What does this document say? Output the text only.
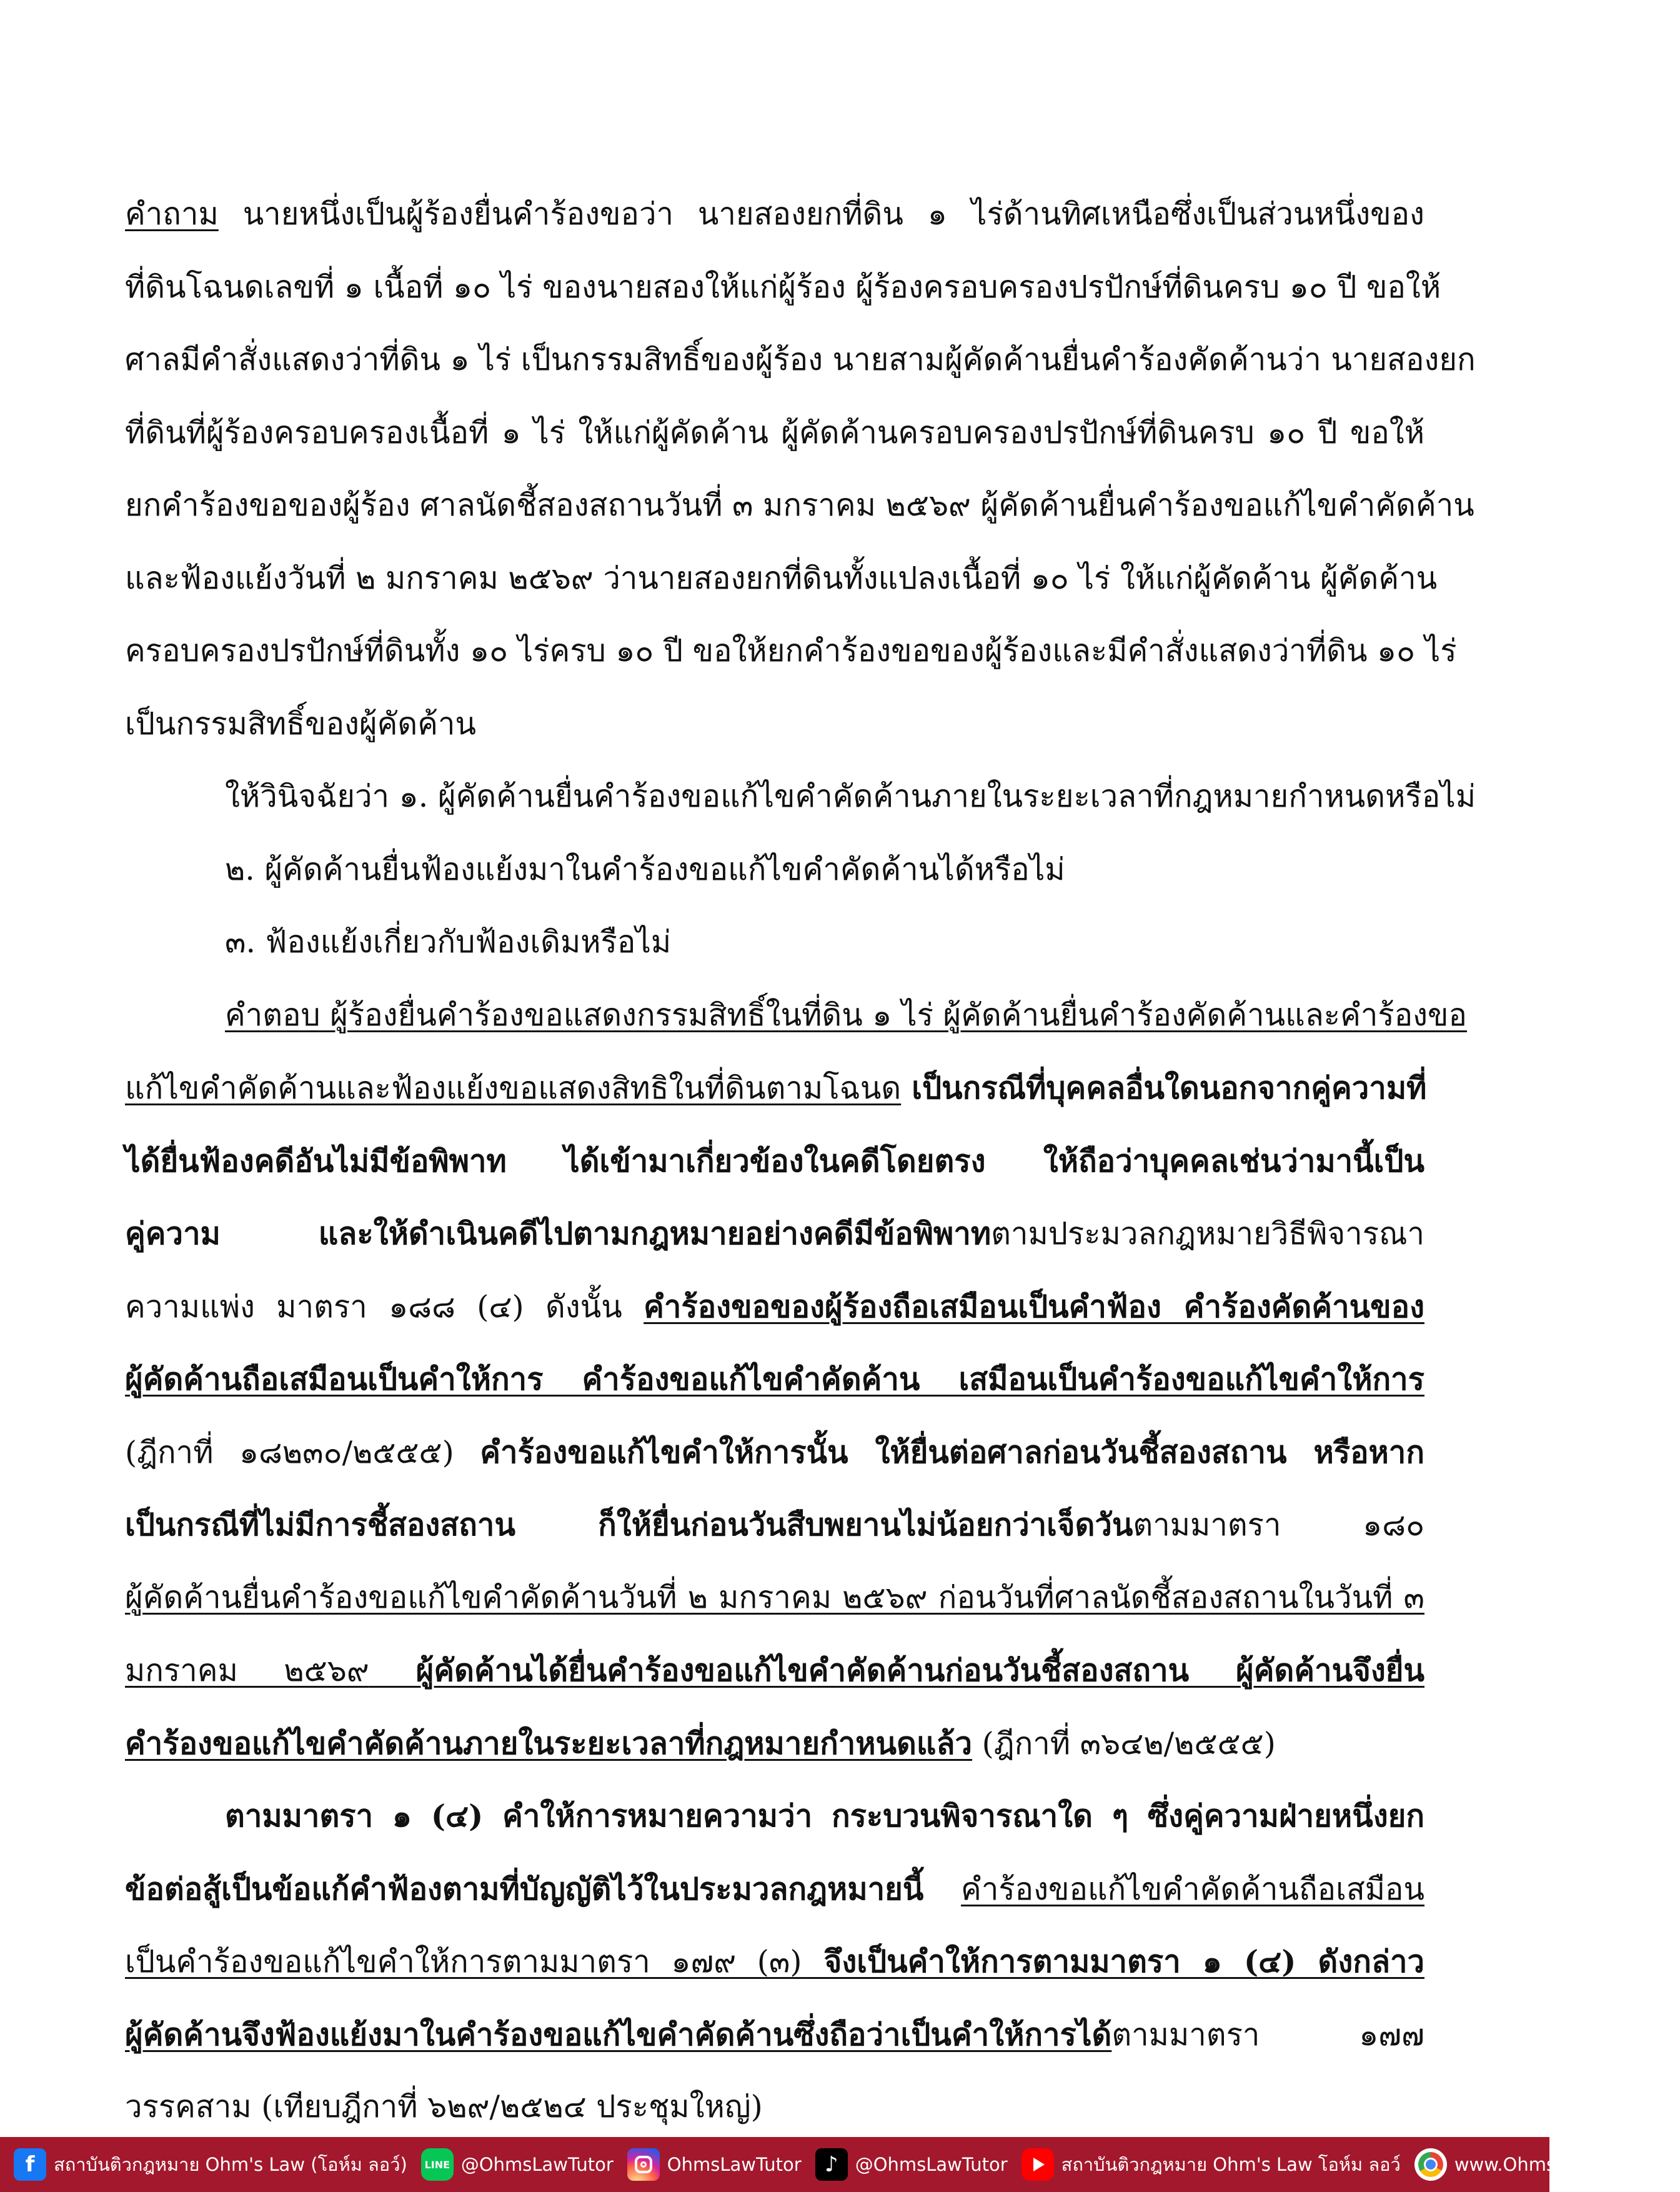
คำถาม นายหนึ่งเป็นผู้ร้องยื่นคำร้องขอว่า นายสองยกที่ดิน ๑ ไร่ด้านทิศเหนือซึ่งเป็นส่วนหนึ่งของ
ที่ดินโฉนดเลขที่ ๑ เนื้อที่ ๑๐ ไร่ ของนายสองให้แก่ผู้ร้อง ผู้ร้องครอบครองปรปักษ์ที่ดินครบ ๑๐ ปี ขอให้
ศาลมีคำสั่งแสดงว่าที่ดิน ๑ ไร่ เป็นกรรมสิทธิ์ของผู้ร้อง นายสามผู้คัดค้านยื่นคำร้องคัดค้านว่า นายสองยก
ที่ดินที่ผู้ร้องครอบครองเนื้อที่ ๑ ไร่ ให้แก่ผู้คัดค้าน ผู้คัดค้านครอบครองปรปักษ์ที่ดินครบ ๑๐ ปี ขอให้
ยกคำร้องขอของผู้ร้อง ศาลนัดชี้สองสถานวันที่ ๓ มกราคม ๒๕๖๙ ผู้คัดค้านยื่นคำร้องขอแก้ไขคำคัดค้าน
และฟ้องแย้งวันที่ ๒ มกราคม ๒๕๖๙ ว่านายสองยกที่ดินทั้งแปลงเนื้อที่ ๑๐ ไร่ ให้แก่ผู้คัดค้าน ผู้คัดค้าน
ครอบครองปรปักษ์ที่ดินทั้ง ๑๐ ไร่ครบ ๑๐ ปี ขอให้ยกคำร้องขอของผู้ร้องและมีคำสั่งแสดงว่าที่ดิน ๑๐ ไร่
เป็นกรรมสิทธิ์ของผู้คัดค้าน
ให้วินิจฉัยว่า ๑. ผู้คัดค้านยื่นคำร้องขอแก้ไขคำคัดค้านภายในระยะเวลาที่กฎหมายกำหนดหรือไม่
๒. ผู้คัดค้านยื่นฟ้องแย้งมาในคำร้องขอแก้ไขคำคัดค้านได้หรือไม่
๓. ฟ้องแย้งเกี่ยวกับฟ้องเดิมหรือไม่
คำตอบ ผู้ร้องยื่นคำร้องขอแสดงกรรมสิทธิ์ในที่ดิน ๑ ไร่ ผู้คัดค้านยื่นคำร้องคัดค้านและคำร้องขอ
แก้ไขคำคัดค้านและฟ้องแย้งขอแสดงสิทธิในที่ดินตามโฉนด เป็นกรณีที่บุคคลอื่นใดนอกจากคู่ความที่
ได้ยื่นฟ้องคดีอันไม่มีข้อพิพาท ได้เข้ามาเกี่ยวข้องในคดีโดยตรง ให้ถือว่าบุคคลเช่นว่ามานี้เป็น
คู่ความ และให้ดำเนินคดีไปตามกฎหมายอย่างคดีมีข้อพิพาทตามประมวลกฎหมายวิธีพิจารณา
ความแพ่ง มาตรา ๑๘๘ (๔) ดังนั้น คำร้องขอของผู้ร้องถือเสมือนเป็นคำฟ้อง คำร้องคัดค้านของ
ผู้คัดค้านถือเสมือนเป็นคำให้การ คำร้องขอแก้ไขคำคัดค้าน เสมือนเป็นคำร้องขอแก้ไขคำให้การ
(ฎีกาที่ ๑๘๒๓๐/๒๕๕๕) คำร้องขอแก้ไขคำให้การนั้น ให้ยื่นต่อศาลก่อนวันชี้สองสถาน หรือหาก
เป็นกรณีที่ไม่มีการชี้สองสถาน ก็ให้ยื่นก่อนวันสืบพยานไม่น้อยกว่าเจ็ดวันตามมาตรา ๑๘๐
ผู้คัดค้านยื่นคำร้องขอแก้ไขคำคัดค้านวันที่ ๒ มกราคม ๒๕๖๙ ก่อนวันที่ศาลนัดชี้สองสถานในวันที่ ๓
มกราคม ๒๕๖๙ ผู้คัดค้านได้ยื่นคำร้องขอแก้ไขคำคัดค้านก่อนวันชี้สองสถาน ผู้คัดค้านจึงยื่น
คำร้องขอแก้ไขคำคัดค้านภายในระยะเวลาที่กฎหมายกำหนดแล้ว (ฎีกาที่ ๓๖๔๒/๒๕๕๕)
ตามมาตรา ๑ (๔) คำให้การหมายความว่า กระบวนพิจารณาใด ๆ ซึ่งคู่ความฝ่ายหนึ่งยก
ข้อต่อสู้เป็นข้อแก้คำฟ้องตามที่บัญญัติไว้ในประมวลกฎหมายนี้ คำร้องขอแก้ไขคำคัดค้านถือเสมือน
เป็นคำร้องขอแก้ไขคำให้การตามมาตรา ๑๗๙ (๓) จึงเป็นคำให้การตามมาตรา ๑ (๔) ดังกล่าว
ผู้คัดค้านจึงฟ้องแย้งมาในคำร้องขอแก้ไขคำคัดค้านซึ่งถือว่าเป็นคำให้การได้ตามมาตรา ๑๗๗
วรรคสาม (เทียบฎีกาที่ ๖๒๙/๒๕๒๔ ประชุมใหญ่)
f	สถาบันติวกฎหมาย Ohm's Law (โอห์ม ลอว์)	LINE @OhmsLawTutor	OhmsLawTutor	♪ @OhmsLawTutor	สถาบันติวกฎหมาย Ohm's Law โอห์ม ลอว์	www.OhmsLawTutor.com
